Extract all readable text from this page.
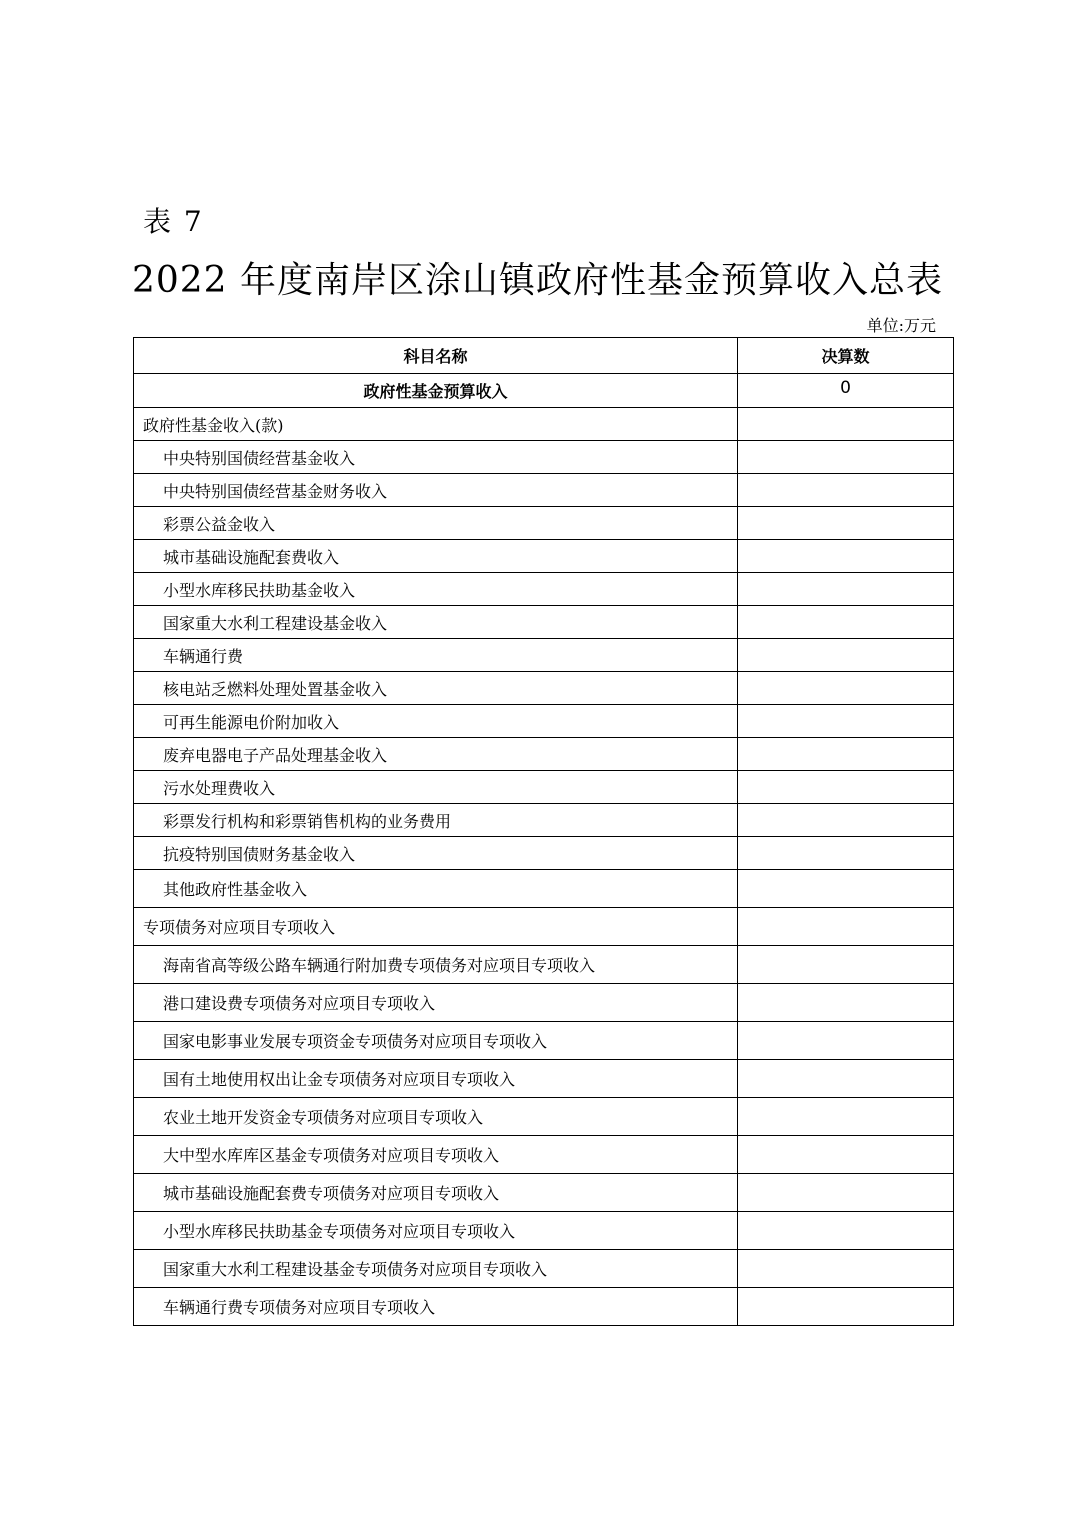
表 7
2022 年度南岸区涂山镇政府性基金预算收入总表
单位:万元
科目名称	决算数
政府性基金预算收入	0
政府性基金收入(款)	
中央特别国债经营基金收入	
中央特别国债经营基金财务收入	
彩票公益金收入	
城市基础设施配套费收入	
小型水库移民扶助基金收入	
国家重大水利工程建设基金收入	
车辆通行费	
核电站乏燃料处理处置基金收入	
可再生能源电价附加收入	
废弃电器电子产品处理基金收入	
污水处理费收入	
彩票发行机构和彩票销售机构的业务费用	
抗疫特别国债财务基金收入	
其他政府性基金收入	
专项债务对应项目专项收入	
海南省高等级公路车辆通行附加费专项债务对应项目专项收入	
港口建设费专项债务对应项目专项收入	
国家电影事业发展专项资金专项债务对应项目专项收入	
国有土地使用权出让金专项债务对应项目专项收入	
农业土地开发资金专项债务对应项目专项收入	
大中型水库库区基金专项债务对应项目专项收入	
城市基础设施配套费专项债务对应项目专项收入	
小型水库移民扶助基金专项债务对应项目专项收入	
国家重大水利工程建设基金专项债务对应项目专项收入	
车辆通行费专项债务对应项目专项收入	
